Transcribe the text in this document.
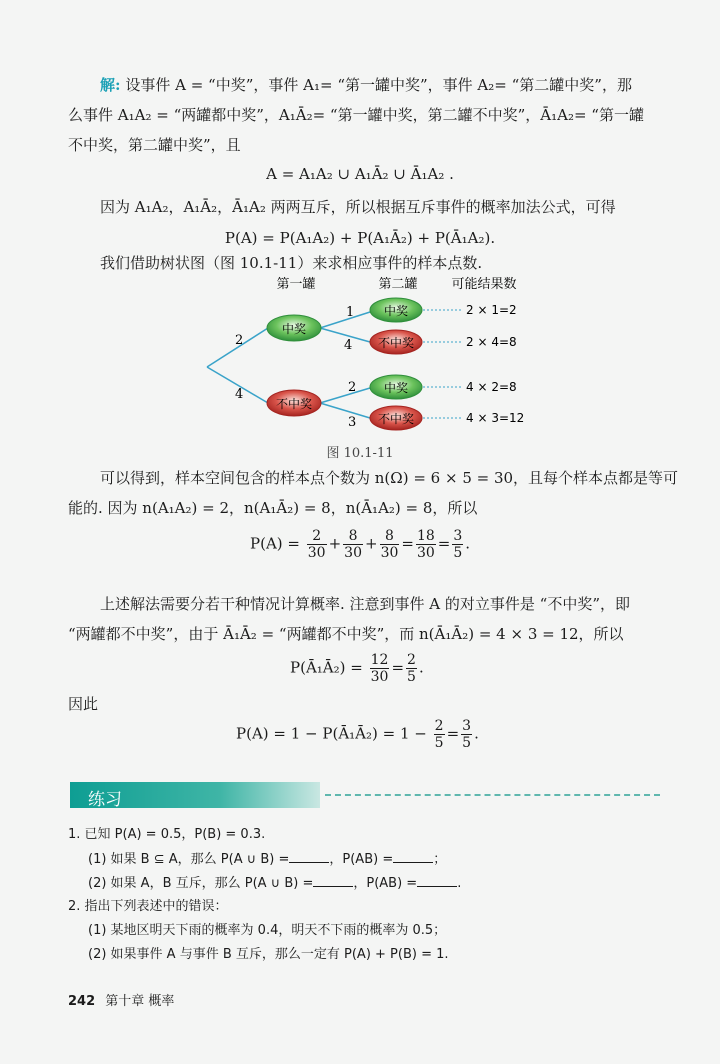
解: 设事件 A = “中奖”，事件 A₁= “第一罐中奖”，事件 A₂= “第二罐中奖”，那
么事件 A₁A₂ = “两罐都中奖”，A₁Ā₂= “第一罐中奖，第二罐不中奖”，Ā₁A₂= “第一罐
不中奖，第二罐中奖”，且
A = A₁A₂ ∪ A₁Ā₂ ∪ Ā₁A₂ .
因为 A₁A₂，A₁Ā₂，Ā₁A₂ 两两互斥，所以根据互斥事件的概率加法公式，可得
P(A) = P(A₁A₂) + P(A₁Ā₂) + P(Ā₁A₂).
我们借助树状图（图 10.1-11）来求相应事件的样本点数.
第一罐	第二罐	可能结果数
2
4
1
4
2
3
中奖
不中奖
中奖
不中奖
中奖
不中奖
2 × 1=2
2 × 4=8
4 × 2=8
4 × 3=12
图 10.1-11
可以得到，样本空间包含的样本点个数为 n(Ω) = 6 × 5 = 30，且每个样本点都是等可
能的. 因为 n(A₁A₂) = 2，n(A₁Ā₂) = 8，n(Ā₁A₂) = 8，所以
$P(A) = \frac{2}{30} + \frac{8}{30} + \frac{8}{30} = \frac{18}{30} = \frac{3}{5}$ .
上述解法需要分若干种情况计算概率. 注意到事件 A 的对立事件是 “不中奖”，即
“两罐都不中奖”，由于 Ā₁Ā₂ = “两罐都不中奖”，而 n(Ā₁Ā₂) = 4 × 3 = 12，所以
P(Ā₁Ā₂) = $\frac{12}{30} = \frac{2}{5}$ .
因此
P(A) = 1 − P(Ā₁Ā₂) = $1 - \frac{2}{5} = \frac{3}{5}$ .
练习
1. 已知 P(A) = 0.5，P(B) = 0.3.
(1) 如果 B ⊆ A，那么 P(A ∪ B) =	，P(AB) =	；
(2) 如果 A，B 互斥，那么 P(A ∪ B) =	，P(AB) =	.
2. 指出下列表述中的错误：
(1) 某地区明天下雨的概率为 0.4，明天不下雨的概率为 0.5；
(2) 如果事件 A 与事件 B 互斥，那么一定有 P(A) + P(B) = 1.
242 第十章 概率
